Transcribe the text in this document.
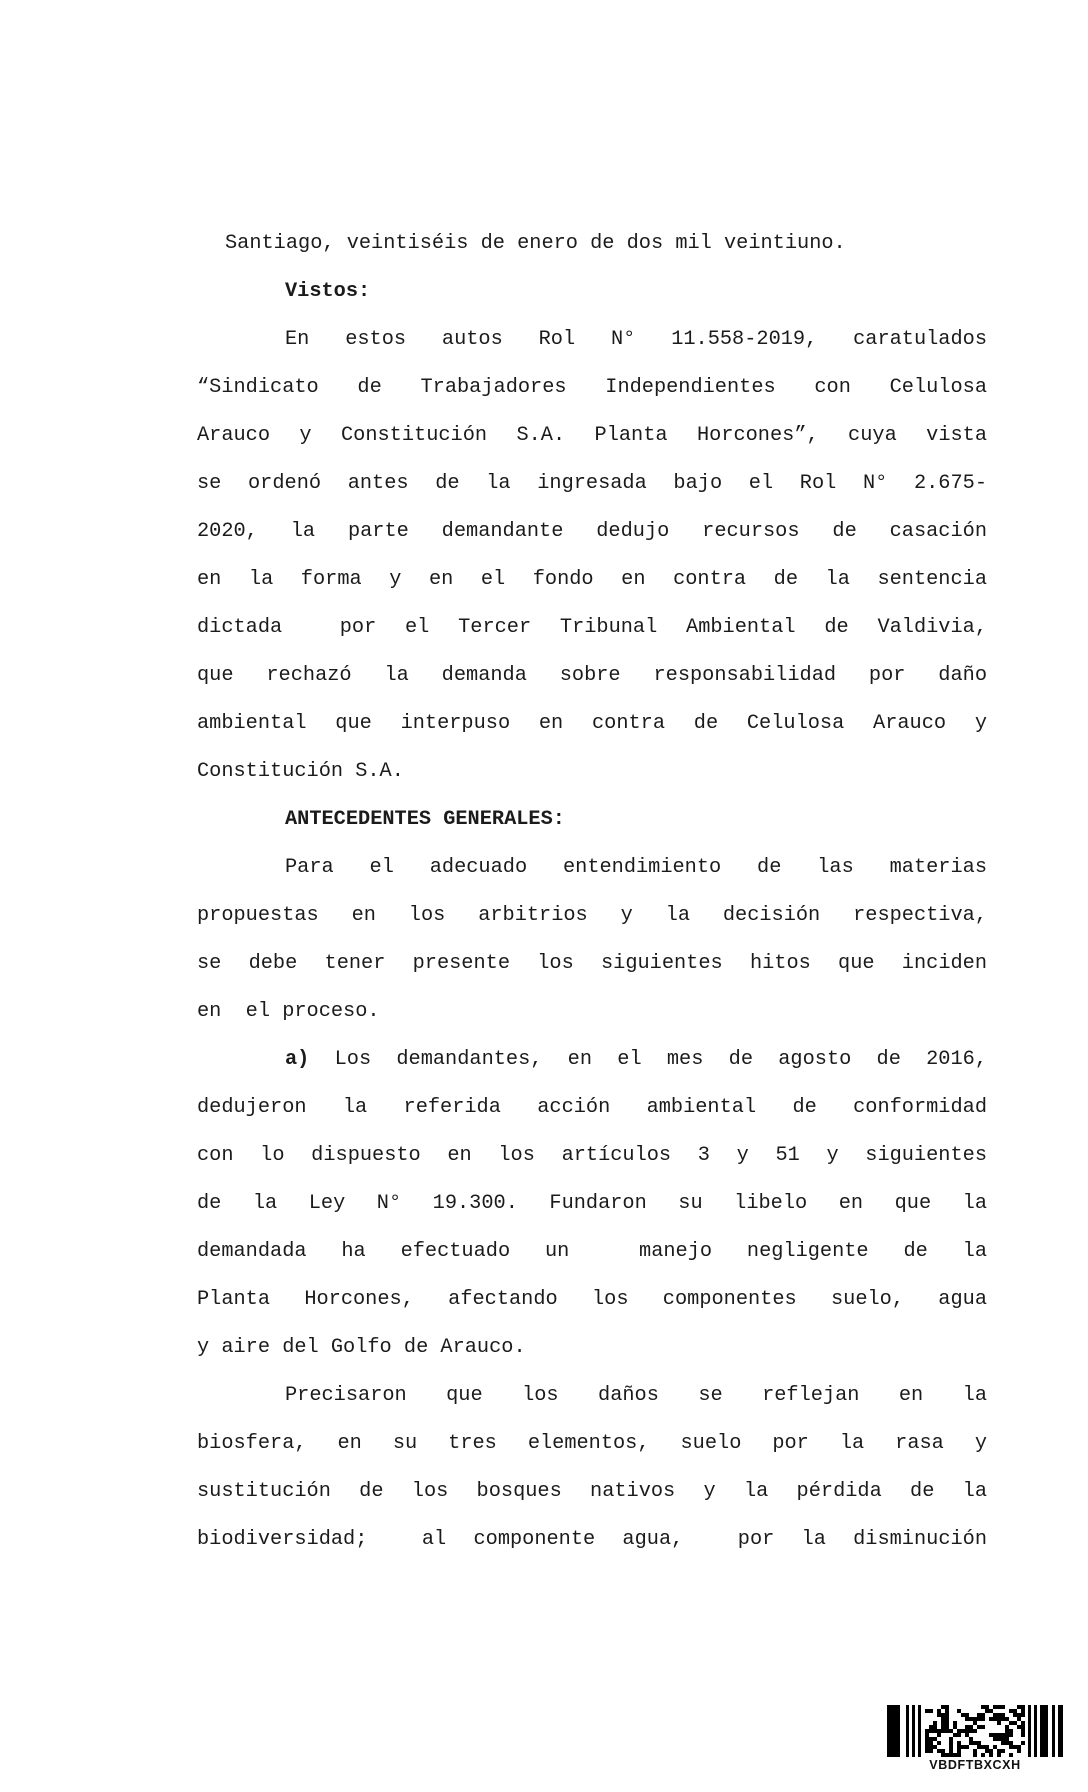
Santiago, veintiséis de enero de dos mil veintiuno.
Vistos:
En estos autos Rol N° 11.558-2019, caratulados
“Sindicato de Trabajadores Independientes con Celulosa
Arauco y Constitución S.A. Planta Horcones”, cuya vista
se ordenó antes de la ingresada bajo el Rol N° 2.675-
2020, la parte demandante dedujo recursos de casación
en la forma y en el fondo en contra de la sentencia
dictada  por el Tercer Tribunal Ambiental de Valdivia,
que rechazó la demanda sobre responsabilidad por daño
ambiental que interpuso en contra de Celulosa Arauco y
Constitución S.A.
ANTECEDENTES GENERALES:
Para el adecuado entendimiento de las materias
propuestas en los arbitrios y la decisión respectiva,
se debe tener presente los siguientes hitos que inciden
en  el proceso.
a) Los demandantes, en el mes de agosto de 2016,
dedujeron la referida acción ambiental de conformidad
con lo dispuesto en los artículos 3 y 51 y siguientes
de la Ley N° 19.300. Fundaron su libelo en que la
demandada ha efectuado un  manejo negligente de la
Planta Horcones, afectando los componentes suelo, agua
y aire del Golfo de Arauco.
Precisaron que los daños se reflejan en la
biosfera, en su tres elementos, suelo por la rasa y
sustitución de los bosques nativos y la pérdida de la
biodiversidad;  al componente agua,  por la disminución
VBDFTBXCXH
